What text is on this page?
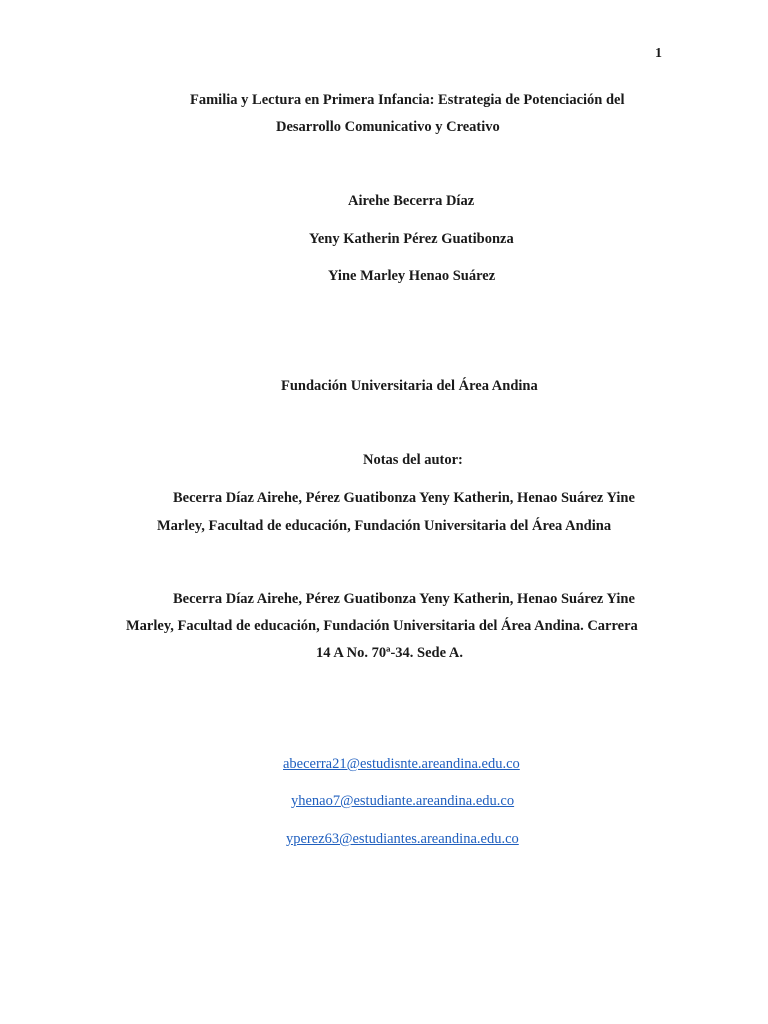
1
Familia y Lectura en Primera Infancia: Estrategia de Potenciación del
Desarrollo Comunicativo y Creativo
Airehe Becerra Díaz
Yeny Katherin Pérez Guatibonza
Yine Marley Henao Suárez
Fundación Universitaria del Área Andina
Notas del autor:
Becerra Díaz Airehe, Pérez Guatibonza Yeny Katherin, Henao Suárez Yine
Marley, Facultad de educación, Fundación Universitaria del Área Andina
Becerra Díaz Airehe, Pérez Guatibonza Yeny Katherin, Henao Suárez Yine
Marley, Facultad de educación, Fundación Universitaria del Área Andina. Carrera
14 A No. 70ª-34. Sede A.
abecerra21@estudisnte.areandina.edu.co
yhenao7@estudiante.areandina.edu.co
yperez63@estudiantes.areandina.edu.co
